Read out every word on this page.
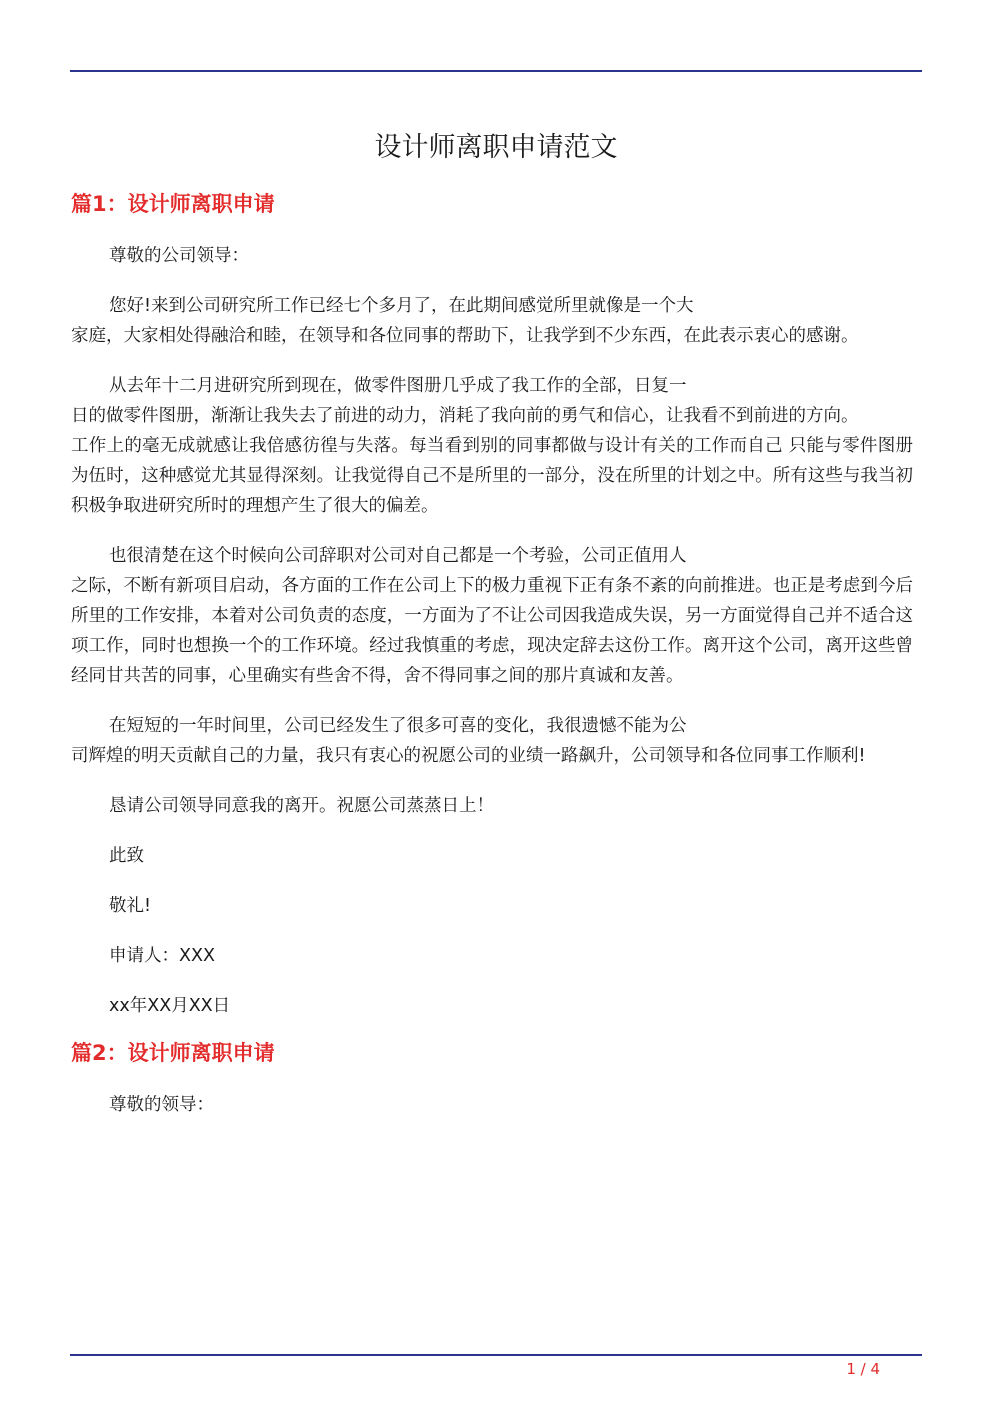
设计师离职申请范文
篇1：设计师离职申请

尊敬的公司领导：

您好!来到公司研究所工作已经七个多月了，在此期间感觉所里就像是一个大
家庭，大家相处得融洽和睦，在领导和各位同事的帮助下，让我学到不少东西，在此表示衷心的感谢。

从去年十二月进研究所到现在，做零件图册几乎成了我工作的全部，日复一
日的做零件图册，渐渐让我失去了前进的动力，消耗了我向前的勇气和信心，让我看不到前进的方向。

工作上的毫无成就感让我倍感彷徨与失落。每当看到别的同事都做与设计有关的工作而自己 只能与零件图册为伍时，这种感觉尤其显得深刻。让我觉得自己不是所里的一部分，没在所里的计划之中。所有这些与我当初积极争取进研究所时的理想产生了很大的偏差。

也很清楚在这个时候向公司辞职对公司对自己都是一个考验，公司正值用人
之际，不断有新项目启动，各方面的工作在公司上下的极力重视下正有条不紊的向前推进。也正是考虑到今后所里的工作安排，本着对公司负责的态度，一方面为了不让公司因我造成失误，另一方面觉得自己并不适合这项工作，同时也想换一个的工作环境。经过我慎重的考虑，现决定辞去这份工作。离开这个公司，离开这些曾经同甘共苦的同事，心里确实有些舍不得，舍不得同事之间的那片真诚和友善。

在短短的一年时间里，公司已经发生了很多可喜的变化，我很遗憾不能为公
司辉煌的明天贡献自己的力量，我只有衷心的祝愿公司的业绩一路飙升，公司领导和各位同事工作顺利!

恳请公司领导同意我的离开。祝愿公司蒸蒸日上！

此致

敬礼!

申请人：XXX

xx年XX月XX日

篇2：设计师离职申请

尊敬的领导：

1 / 4
